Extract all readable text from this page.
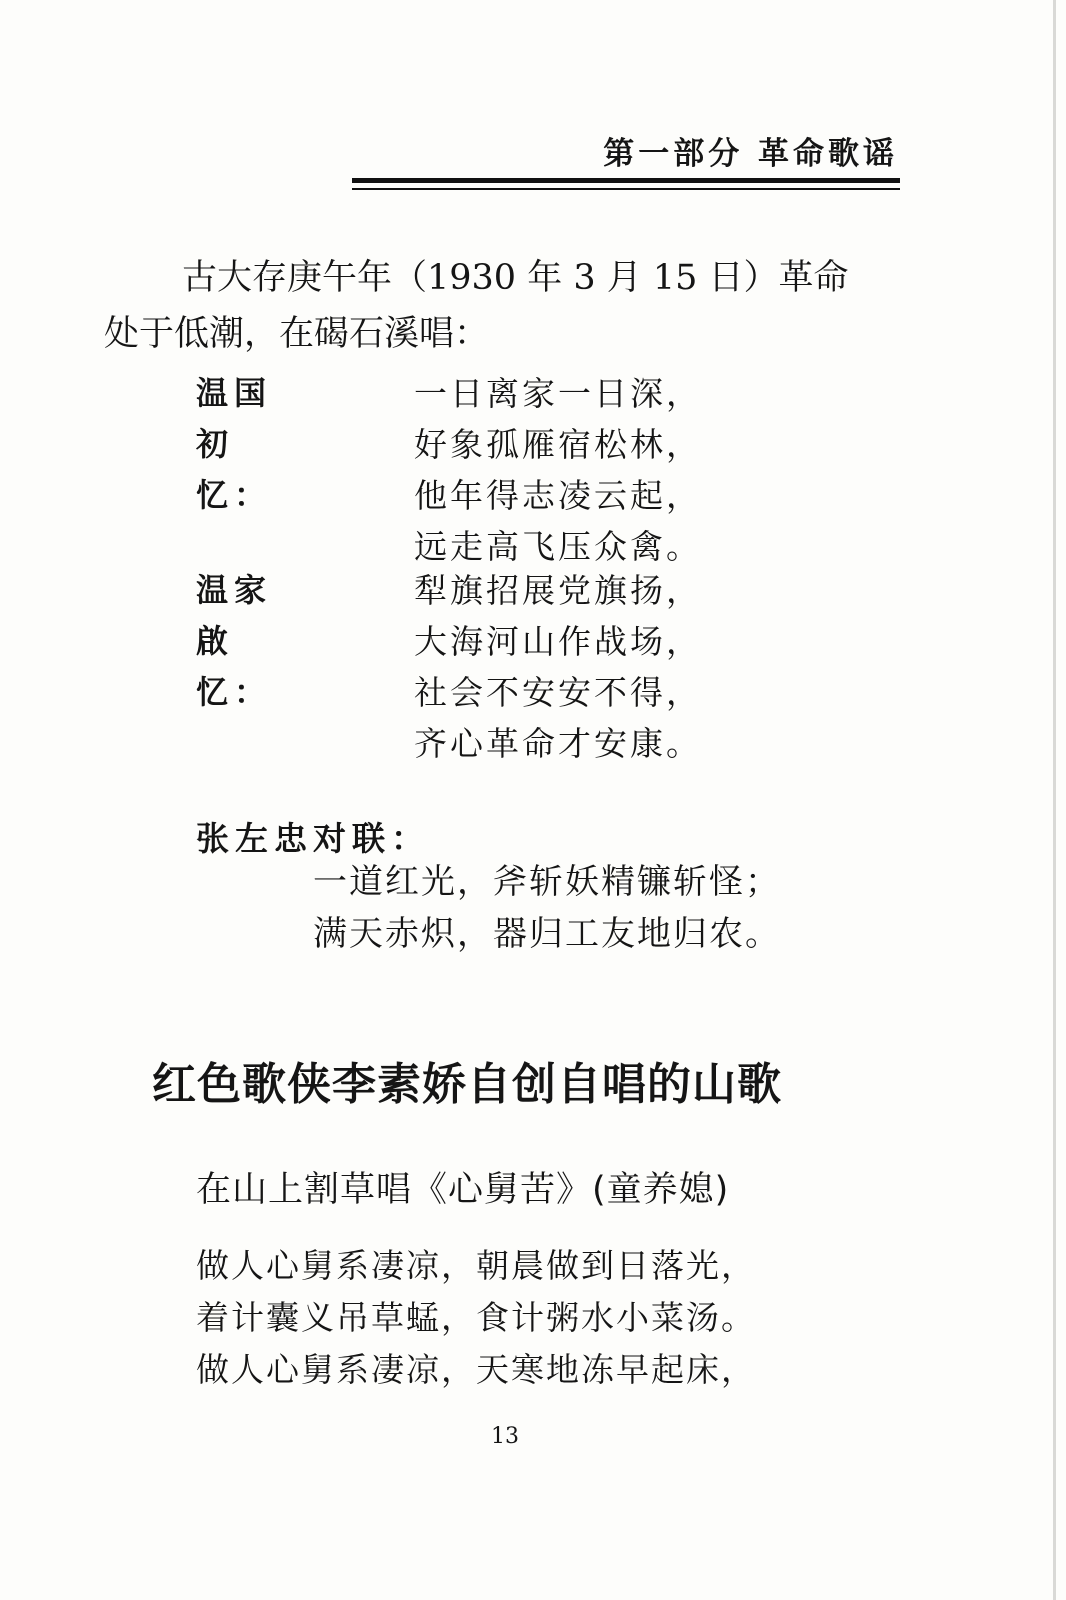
第一部分 革命歌谣
古大存庚午年（1930 年 3 月 15 日）革命
处于低潮，在碣石溪唱：
温国初忆：
一日离家一日深，
好象孤雁宿松林，
他年得志凌云起，
远走高飞压众禽。
温家啟忆：
犁旗招展党旗扬，
大海河山作战场，
社会不安安不得，
齐心革命才安康。
张左忠对联：
一道红光，斧斩妖精镰斩怪；
满天赤炽，器归工友地归农。
红色歌侠李素娇自创自唱的山歌
在山上割草唱《心舅苦》(童养媳)
做人心舅系凄凉，朝晨做到日落光，
着计囊义吊草蜢，食计粥水小菜汤。
做人心舅系凄凉，天寒地冻早起床，
13
